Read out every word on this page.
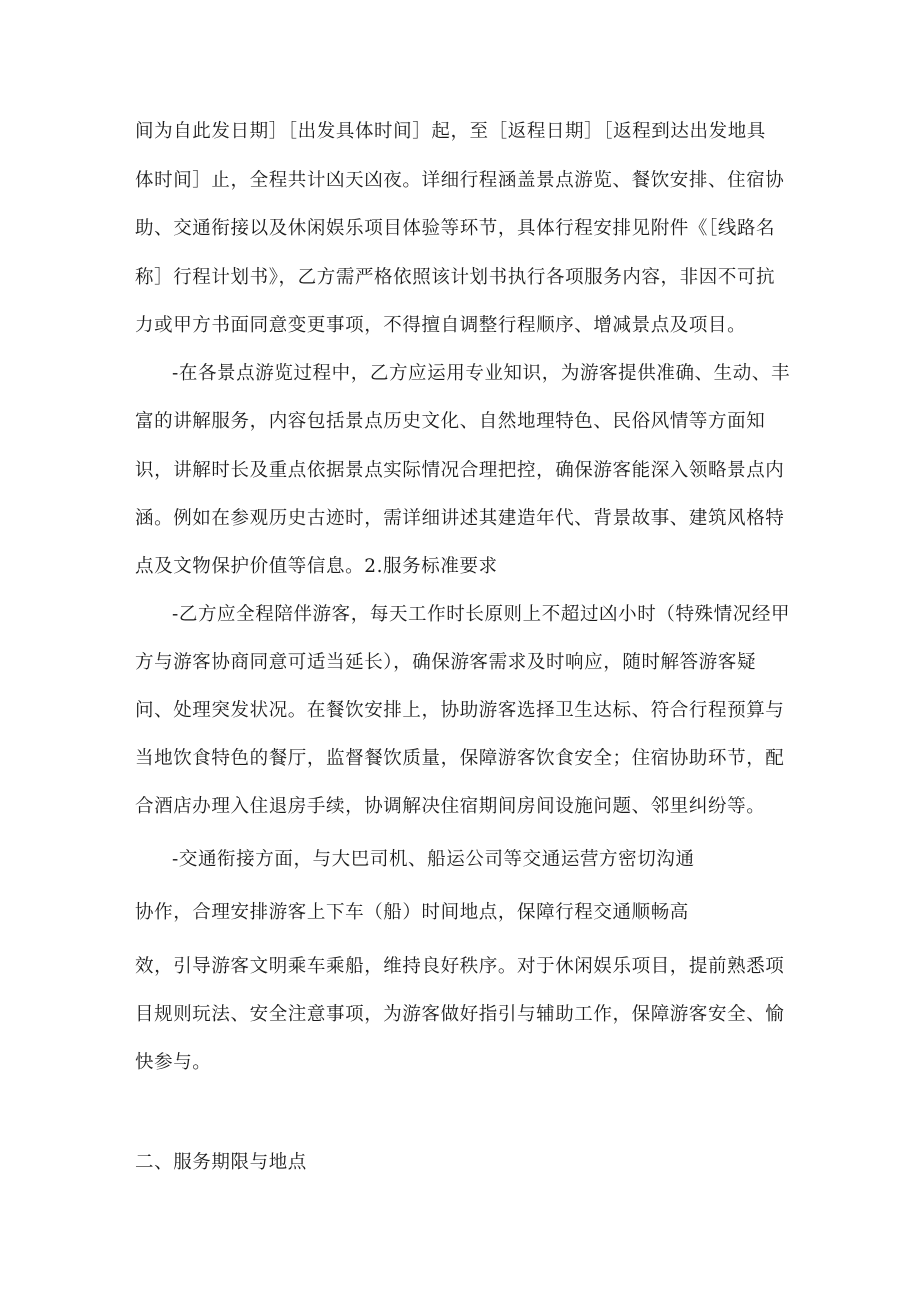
间为自此发日期］［出发具体时间］起，至［返程日期］［返程到达出发地具
体时间］止，全程共计凶天凶夜。详细行程涵盖景点游览、餐饮安排、住宿协
助、交通衔接以及休闲娱乐项目体验等环节，具体行程安排见附件《［线路名
称］行程计划书》，乙方需严格依照该计划书执行各项服务内容，非因不可抗
力或甲方书面同意变更事项，不得擅自调整行程顺序、增减景点及项目。
-在各景点游览过程中，乙方应运用专业知识，为游客提供准确、生动、丰
富的讲解服务，内容包括景点历史文化、自然地理特色、民俗风情等方面知
识，讲解时长及重点依据景点实际情况合理把控，确保游客能深入领略景点内
涵。例如在参观历史古迹时，需详细讲述其建造年代、背景故事、建筑风格特
点及文物保护价值等信息。2.服务标准要求
-乙方应全程陪伴游客，每天工作时长原则上不超过凶小时（特殊情况经甲
方与游客协商同意可适当延长），确保游客需求及时响应，随时解答游客疑
问、处理突发状况。在餐饮安排上，协助游客选择卫生达标、符合行程预算与
当地饮食特色的餐厅，监督餐饮质量，保障游客饮食安全；住宿协助环节，配
合酒店办理入住退房手续，协调解决住宿期间房间设施问题、邻里纠纷等。
-交通衔接方面，与大巴司机、船运公司等交通运营方密切沟通
协作，合理安排游客上下车（船）时间地点，保障行程交通顺畅高
效，引导游客文明乘车乘船，维持良好秩序。对于休闲娱乐项目，提前熟悉项
目规则玩法、安全注意事项，为游客做好指引与辅助工作，保障游客安全、愉
快参与。
二、服务期限与地点
